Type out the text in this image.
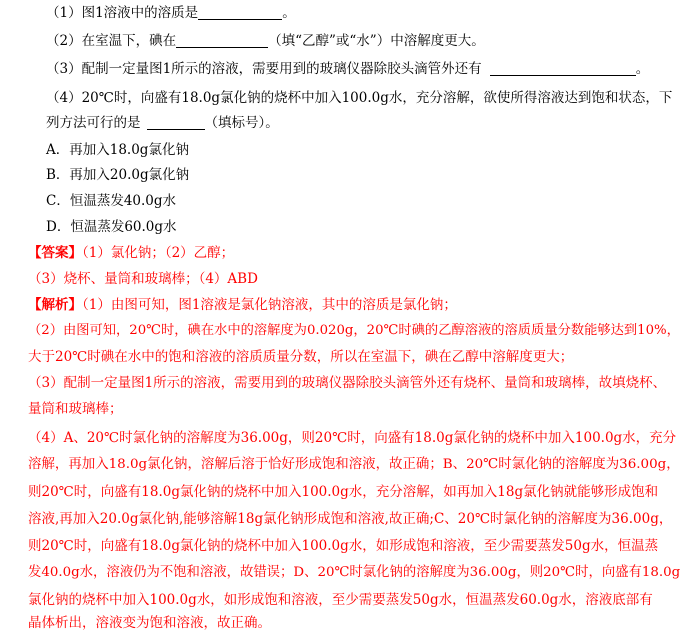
（1）图1溶液中的溶质是	。
（2）在室温下，碘在	（填“乙醇”或“水”）中溶解度更大。
（3）配制一定量图1所示的溶液，需要用到的玻璃仪器除胶头滴管外还有	。
（4）20℃时，向盛有18.0g氯化钠的烧杯中加入100.0g水，充分溶解，欲使所得溶液达到饱和状态，下
列方法可行的是	（填标号）。
A．再加入18.0g氯化钠
B．再加入20.0g氯化钠
C．恒温蒸发40.0g水
D．恒温蒸发60.0g水
【答案】（1）氯化钠；（2）乙醇；
（3）烧杯、量筒和玻璃棒；（4）ABD
【解析】（1）由图可知，图1溶液是氯化钠溶液，其中的溶质是氯化钠；
（2）由图可知，20℃时，碘在水中的溶解度为0.020g，20℃时碘的乙醇溶液的溶质质量分数能够达到10%，
大于20℃时碘在水中的饱和溶液的溶质质量分数，所以在室温下，碘在乙醇中溶解度更大；
（3）配制一定量图1所示的溶液，需要用到的玻璃仪器除胶头滴管外还有烧杯、量筒和玻璃棒，故填烧杯、
量筒和玻璃棒；
（4）A、20℃时氯化钠的溶解度为36.00g，则20℃时，向盛有18.0g氯化钠的烧杯中加入100.0g水，充分
溶解，再加入18.0g氯化钠，溶解后溶于恰好形成饱和溶液，故正确；B、20℃时氯化钠的溶解度为36.00g，
则20℃时，向盛有18.0g氯化钠的烧杯中加入100.0g水，充分溶解，如再加入18g氯化钠就能够形成饱和
溶液,再加入20.0g氯化钠,能够溶解18g氯化钠形成饱和溶液,故正确;C、20℃时氯化钠的溶解度为36.00g，
则20℃时，向盛有18.0g氯化钠的烧杯中加入100.0g水，如形成饱和溶液，至少需要蒸发50g水，恒温蒸
发40.0g水，溶液仍为不饱和溶液，故错误；D、20℃时氯化钠的溶解度为36.00g，则20℃时，向盛有18.0g
氯化钠的烧杯中加入100.0g水，如形成饱和溶液，至少需要蒸发50g水，恒温蒸发60.0g水，溶液底部有
晶体析出，溶液变为饱和溶液，故正确。
